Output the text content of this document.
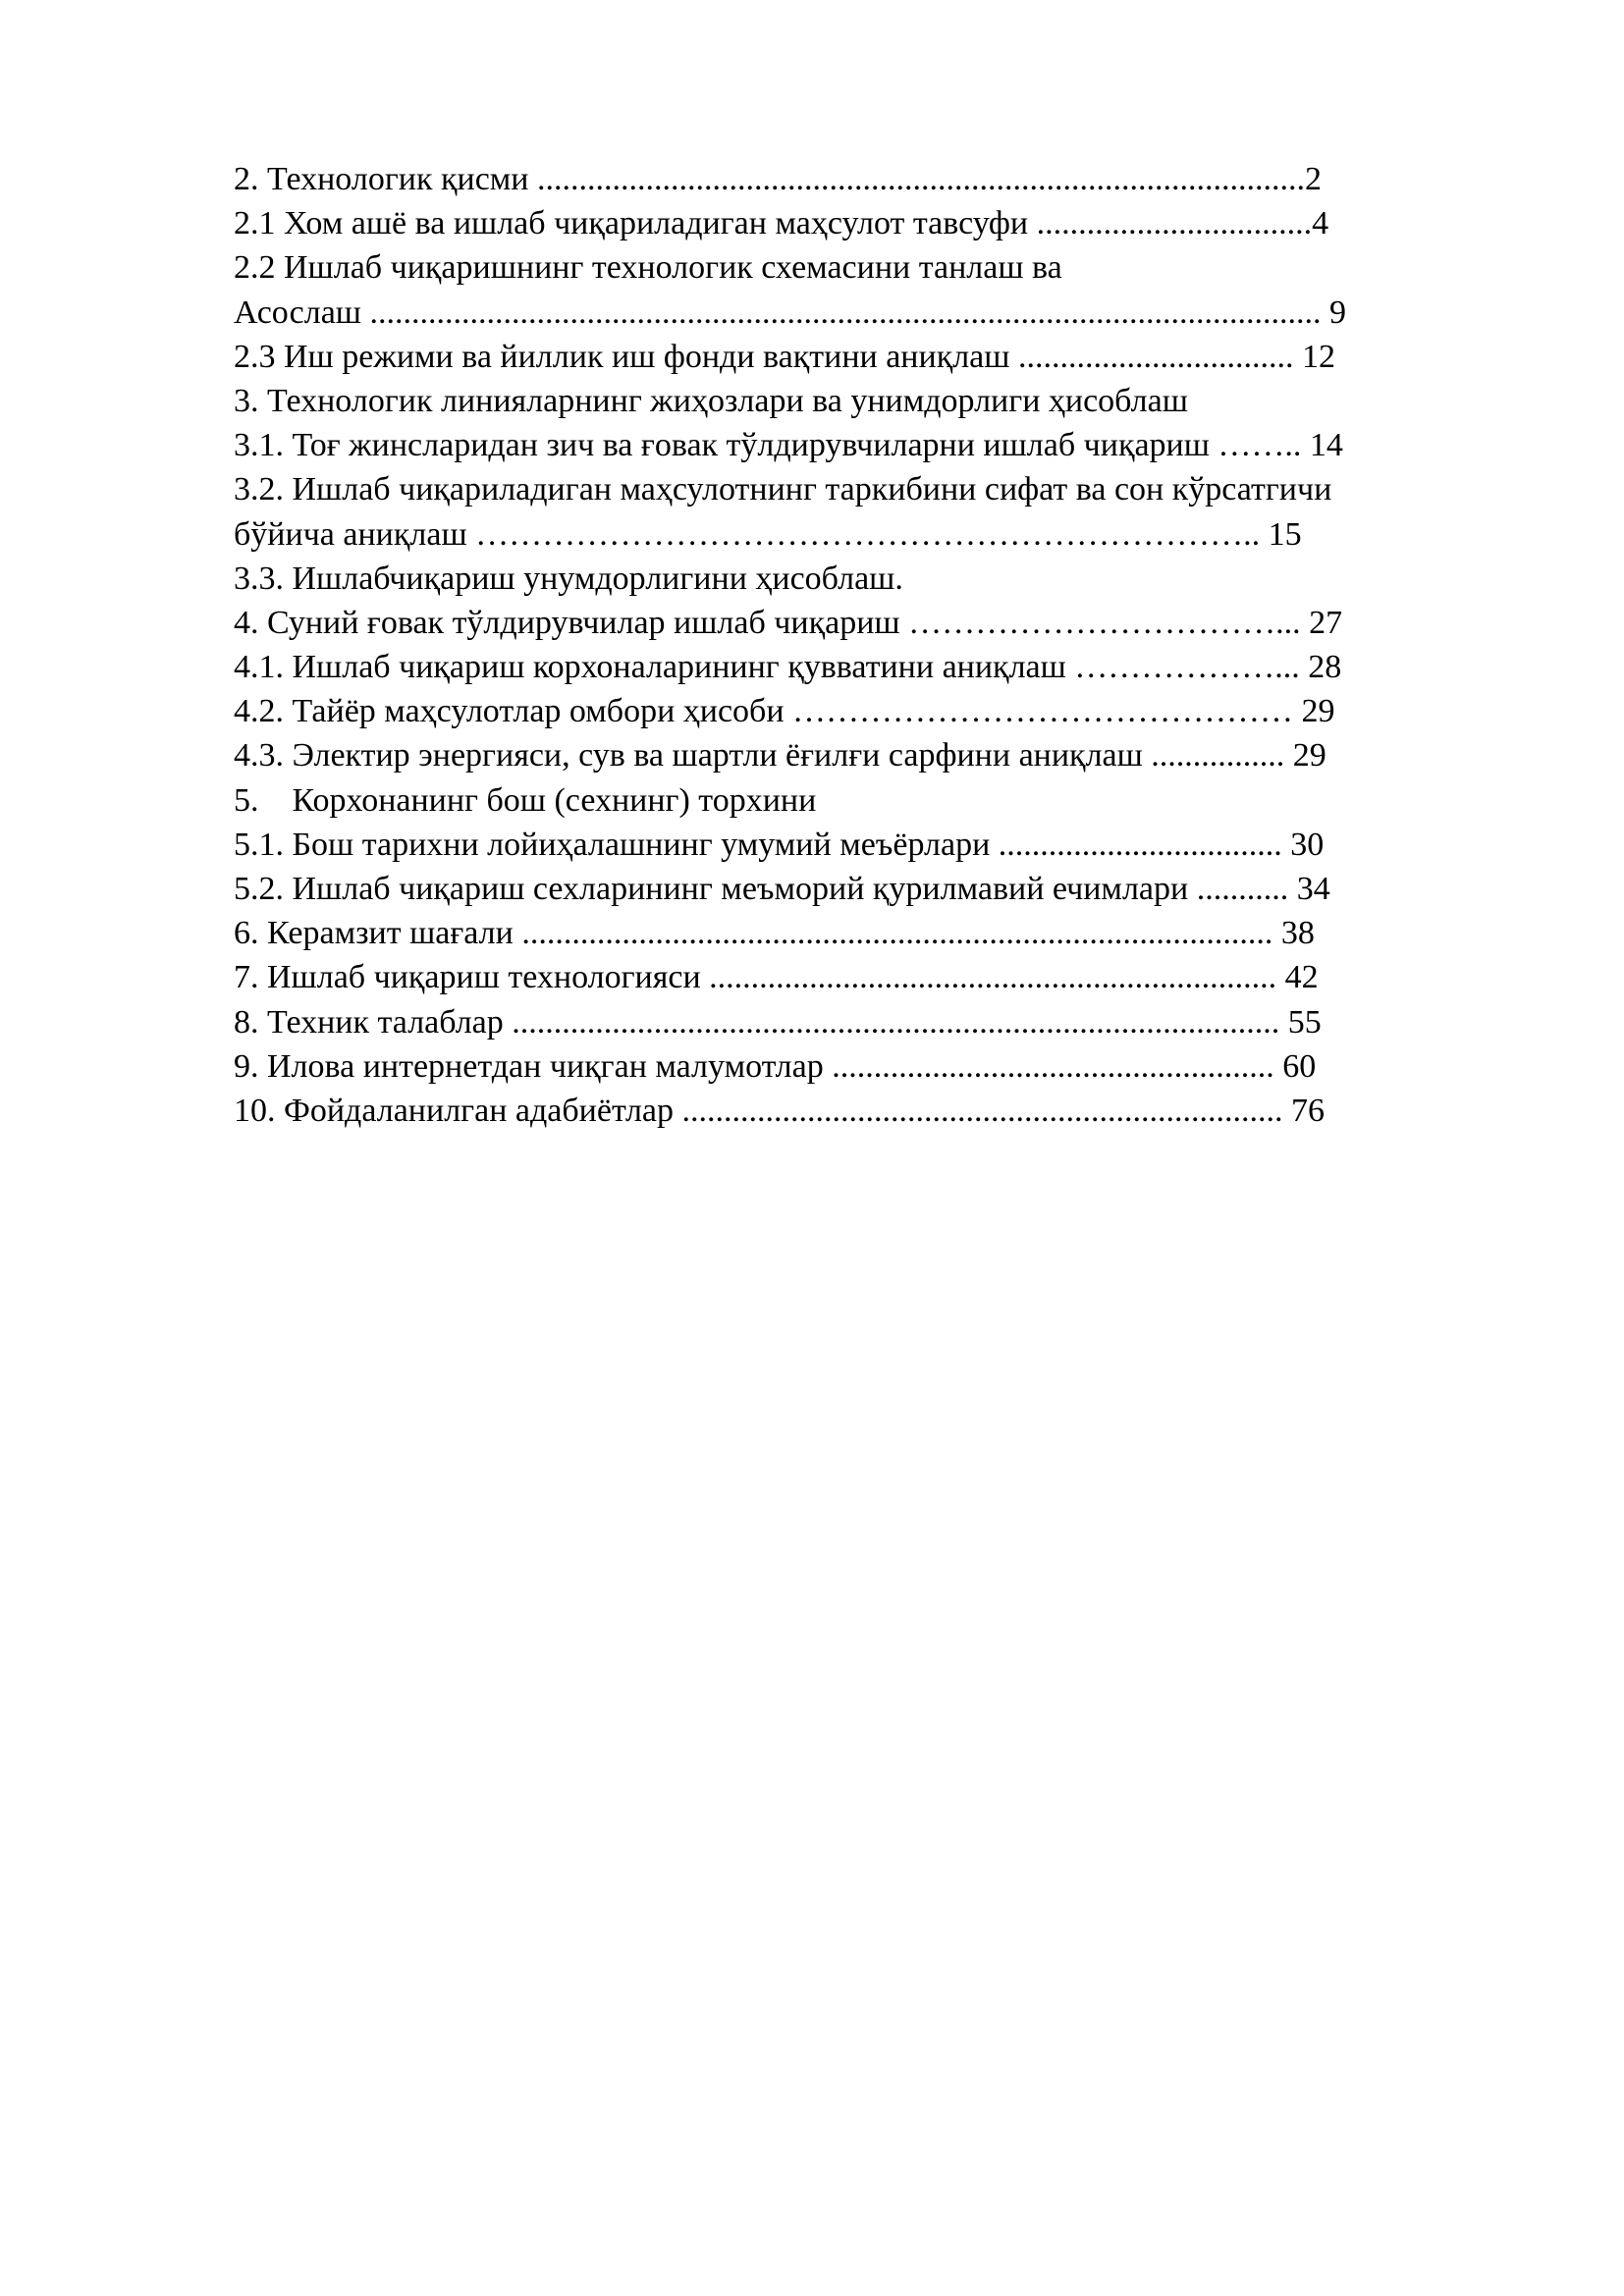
2. Технологик қисми ............................................................................................2
2.1 Хом ашё ва ишлаб чиқариладиган маҳсулот тавсуфи .................................4
2.2 Ишлаб чиқаришнинг технологик схемасини танлаш ва
Асослаш .................................................................................................................. 9
2.3 Иш режими ва йиллик иш фонди вақтини аниқлаш ................................. 12
3. Технологик линияларнинг жиҳозлари ва унимдорлиги ҳисоблаш
3.1. Тоғ жинсларидан зич ва ғовак тўлдирувчиларни ишлаб чиқариш …….. 14
3.2. Ишлаб чиқариладиган маҳсулотнинг таркибини сифат ва сон кўрсатгичи
бўйича аниқлаш …………………………………………………………….. 15
3.3. Ишлабчиқариш унумдорлигини ҳисоблаш.
4. Суний ғовак тўлдирувчилар ишлаб чиқариш ……………………………... 27
4.1. Ишлаб чиқариш корхоналарининг қувватини аниқлаш ………………... 28
4.2. Тайёр маҳсулотлар омбори ҳисоби ……………………………………… 29
4.3. Электир энергияси, сув ва шартли ёғилғи сарфини аниқлаш ................ 29
5.    Корхонанинг бош (сехнинг) торхини
5.1. Бош тарихни лойиҳалашнинг умумий меъёрлари .................................. 30
5.2. Ишлаб чиқариш сехларининг меъморий қурилмавий ечимлари ........... 34
6. Керамзит шағали .......................................................................................... 38
7. Ишлаб чиқариш технологияси .................................................................... 42
8. Техник талаблар ............................................................................................ 55
9. Илова интернетдан чиқган малумотлар ..................................................... 60
10. Фойдаланилган адабиётлар ........................................................................ 76
